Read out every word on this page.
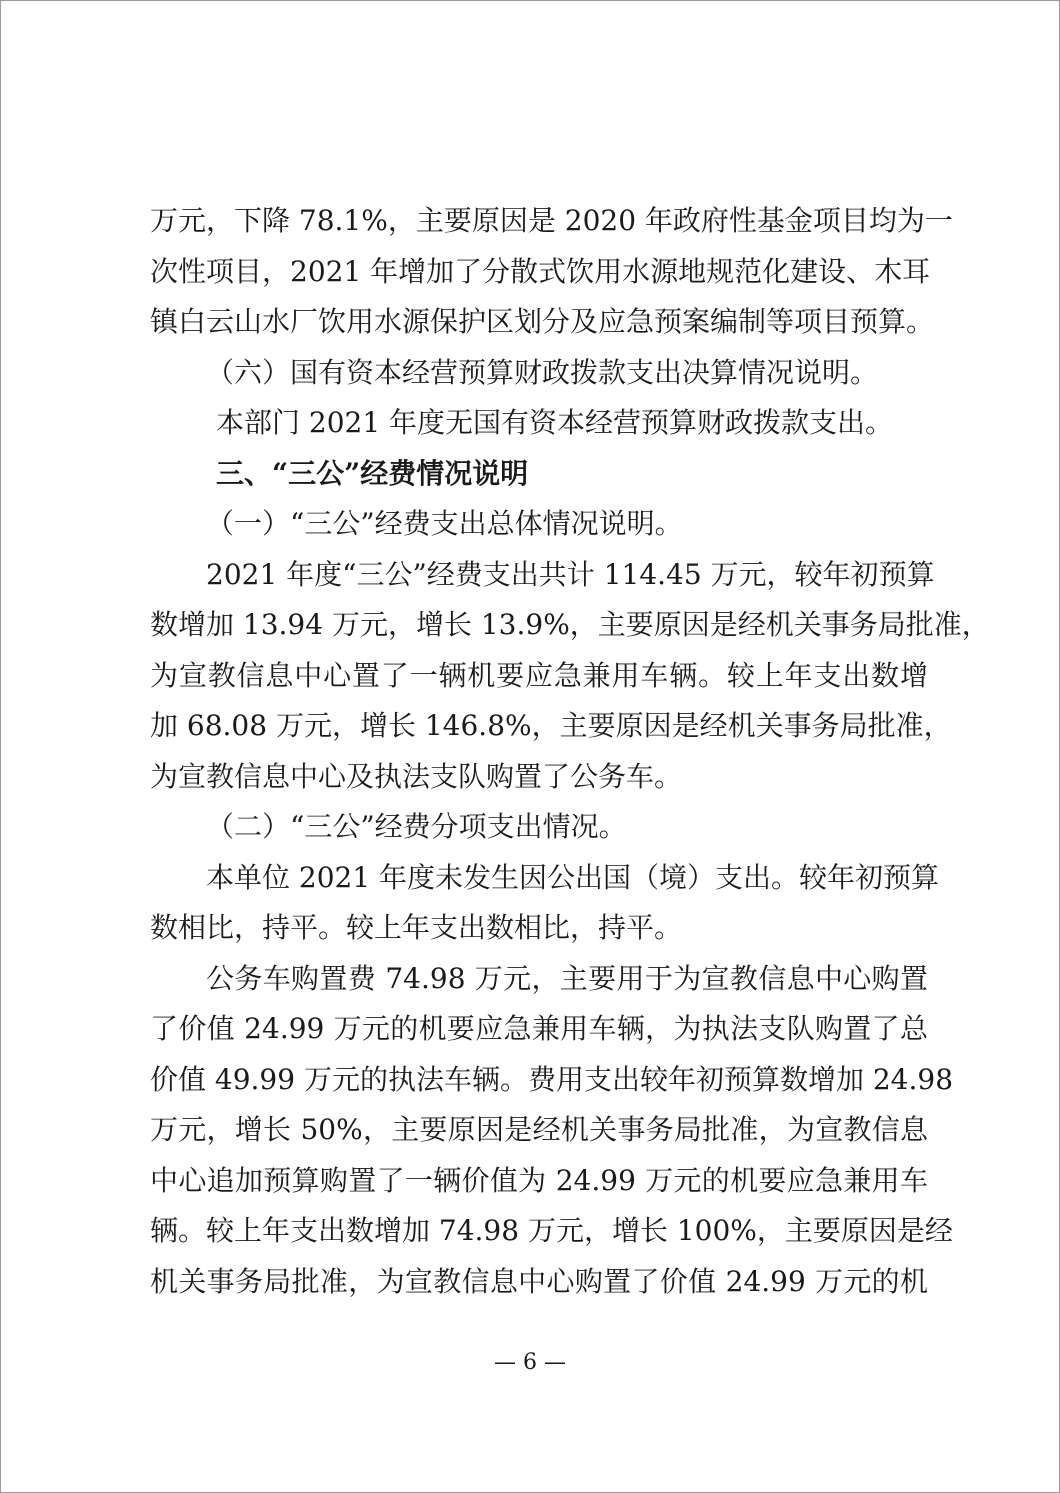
万元，下降 78.1%，主要原因是 2020 年政府性基金项目均为一
次性项目，2021 年增加了分散式饮用水源地规范化建设、木耳
镇白云山水厂饮用水源保护区划分及应急预案编制等项目预算。
（六）国有资本经营预算财政拨款支出决算情况说明。
本部门 2021 年度无国有资本经营预算财政拨款支出。
三、“三公”经费情况说明
（一）“三公”经费支出总体情况说明。
2021 年度“三公”经费支出共计 114.45 万元，较年初预算
数增加 13.94 万元，增长 13.9%，主要原因是经机关事务局批准，
为宣教信息中心置了一辆机要应急兼用车辆。较上年支出数增
加 68.08 万元，增长 146.8%，主要原因是经机关事务局批准，
为宣教信息中心及执法支队购置了公务车。
（二）“三公”经费分项支出情况。
本单位 2021 年度未发生因公出国（境）支出。较年初预算
数相比，持平。较上年支出数相比，持平。
公务车购置费 74.98 万元，主要用于为宣教信息中心购置
了价值 24.99 万元的机要应急兼用车辆，为执法支队购置了总
价值 49.99 万元的执法车辆。费用支出较年初预算数增加 24.98
万元，增长 50%，主要原因是经机关事务局批准，为宣教信息
中心追加预算购置了一辆价值为 24.99 万元的机要应急兼用车
辆。较上年支出数增加 74.98 万元，增长 100%，主要原因是经
机关事务局批准，为宣教信息中心购置了价值 24.99 万元的机
— 6 —
